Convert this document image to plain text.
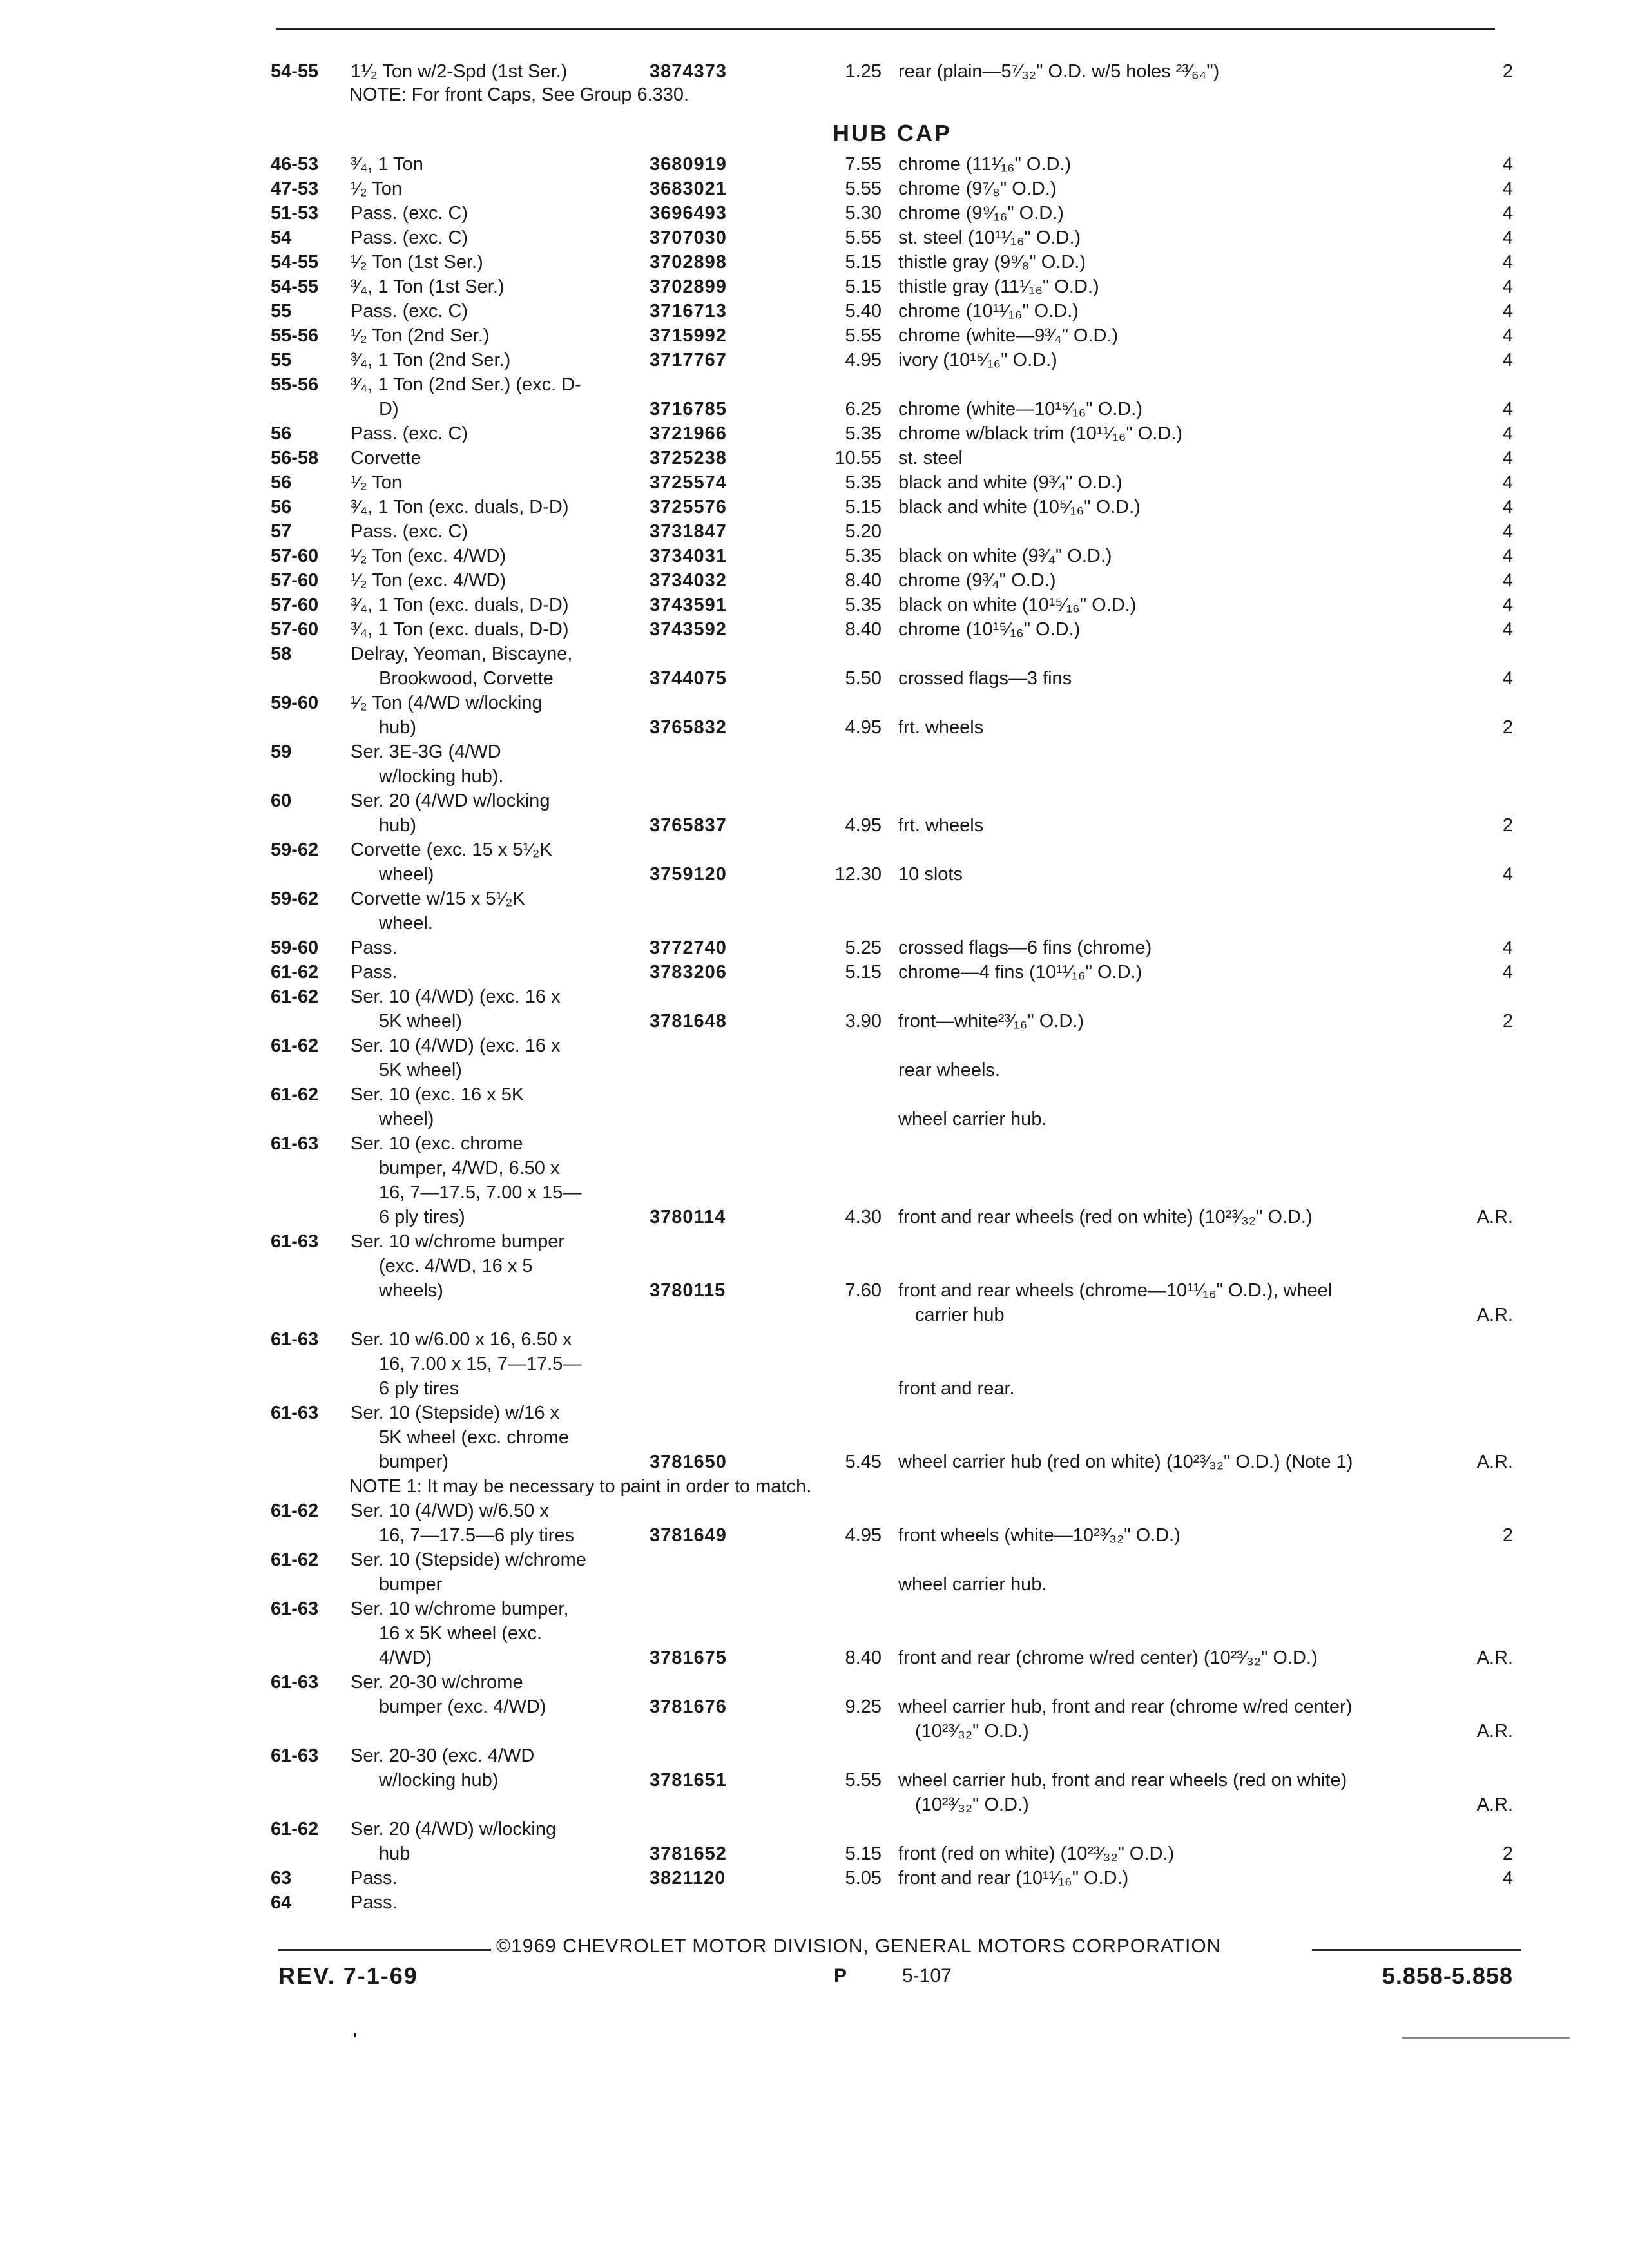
HUB CAP
54-55 1¹⁄₂ Ton w/2-Spd (1st Ser.)	3874373	1.25 rear (plain—5⁷⁄₃₂" O.D. w/5 holes ²³⁄₆₄")	2
NOTE: For front Caps, See Group 6.330.
46-53 ³⁄₄, 1 Ton	3680919	7.55 chrome (11¹⁄₁₆" O.D.)	4
47-53 ¹⁄₂ Ton	3683021	5.55 chrome (9⁷⁄₈" O.D.)	4
51-53 Pass. (exc. C)	3696493	5.30 chrome (9⁹⁄₁₆" O.D.)	4
54	Pass. (exc. C)	3707030	5.55 st. steel (10¹¹⁄₁₆" O.D.)	4
54-55 ¹⁄₂ Ton (1st Ser.)	3702898	5.15 thistle gray (9⁹⁄₈" O.D.)	4
54-55 ³⁄₄, 1 Ton (1st Ser.)	3702899	5.15 thistle gray (11¹⁄₁₆" O.D.)	4
55	Pass. (exc. C)	3716713	5.40 chrome (10¹¹⁄₁₆" O.D.)	4
55-56 ¹⁄₂ Ton (2nd Ser.)	3715992	5.55 chrome (white—9³⁄₄" O.D.)	4
55	³⁄₄, 1 Ton (2nd Ser.)	3717767	4.95 ivory (10¹⁵⁄₁₆" O.D.)	4
55-56 ³⁄₄, 1 Ton (2nd Ser.) (exc. D-
D)	3716785	6.25 chrome (white—10¹⁵⁄₁₆" O.D.)	4
56	Pass. (exc. C)	3721966	5.35 chrome w/black trim (10¹¹⁄₁₆" O.D.)	4
56-58 Corvette	3725238	10.55 st. steel	4
56	¹⁄₂ Ton	3725574	5.35 black and white (9³⁄₄" O.D.)	4
56	³⁄₄, 1 Ton (exc. duals, D-D)	3725576	5.15 black and white (10⁵⁄₁₆" O.D.)	4
57	Pass. (exc. C)	3731847	5.20	4
57-60 ¹⁄₂ Ton (exc. 4/WD)	3734031	5.35 black on white (9³⁄₄" O.D.)	4
57-60 ¹⁄₂ Ton (exc. 4/WD)	3734032	8.40 chrome (9³⁄₄" O.D.)	4
57-60 ³⁄₄, 1 Ton (exc. duals, D-D)	3743591	5.35 black on white (10¹⁵⁄₁₆" O.D.)	4
57-60 ³⁄₄, 1 Ton (exc. duals, D-D)	3743592	8.40 chrome (10¹⁵⁄₁₆" O.D.)	4
58	Delray, Yeoman, Biscayne,
Brookwood, Corvette	3744075	5.50 crossed flags—3 fins	4
59-60 ¹⁄₂ Ton (4/WD w/locking
hub)	3765832	4.95 frt. wheels	2
59	Ser. 3E-3G (4/WD
w/locking hub).
60	Ser. 20 (4/WD w/locking
hub)	3765837	4.95 frt. wheels	2
59-62 Corvette (exc. 15 x 5¹⁄₂K
wheel)	3759120	12.30 10 slots	4
59-62 Corvette w/15 x 5¹⁄₂K
wheel.
59-60 Pass.	3772740	5.25 crossed flags—6 fins (chrome)	4
61-62 Pass.	3783206	5.15 chrome—4 fins (10¹¹⁄₁₆" O.D.)	4
61-62 Ser. 10 (4/WD) (exc. 16 x
5K wheel)	3781648	3.90 front—white²³⁄₁₆" O.D.)	2
61-62 Ser. 10 (4/WD) (exc. 16 x
5K wheel)	rear wheels.
61-62 Ser. 10 (exc. 16 x 5K
wheel)	wheel carrier hub.
61-63 Ser. 10 (exc. chrome
bumper, 4/WD, 6.50 x
16, 7—17.5, 7.00 x 15—
6 ply tires)	3780114	4.30 front and rear wheels (red on white) (10²³⁄₃₂" O.D.)	A.R.
61-63 Ser. 10 w/chrome bumper
(exc. 4/WD, 16 x 5
wheels)	3780115	7.60 front and rear wheels (chrome—10¹¹⁄₁₆" O.D.), wheel
carrier hub	A.R.
61-63 Ser. 10 w/6.00 x 16, 6.50 x
16, 7.00 x 15, 7—17.5—
6 ply tires	front and rear.
61-63 Ser. 10 (Stepside) w/16 x
5K wheel (exc. chrome
bumper)	3781650	5.45 wheel carrier hub (red on white) (10²³⁄₃₂" O.D.) (Note 1)	A.R.
NOTE 1: It may be necessary to paint in order to match.
61-62 Ser. 10 (4/WD) w/6.50 x
16, 7—17.5—6 ply tires	3781649	4.95 front wheels (white—10²³⁄₃₂" O.D.)	2
61-62 Ser. 10 (Stepside) w/chrome
bumper	wheel carrier hub.
61-63 Ser. 10 w/chrome bumper,
16 x 5K wheel (exc.
4/WD)	3781675	8.40 front and rear (chrome w/red center) (10²³⁄₃₂" O.D.)	A.R.
61-63 Ser. 20-30 w/chrome
bumper (exc. 4/WD)	3781676	9.25 wheel carrier hub, front and rear (chrome w/red center)
(10²³⁄₃₂" O.D.)	A.R.
61-63 Ser. 20-30 (exc. 4/WD
w/locking hub)	3781651	5.55 wheel carrier hub, front and rear wheels (red on white)
(10²³⁄₃₂" O.D.)	A.R.
61-62 Ser. 20 (4/WD) w/locking
hub	3781652	5.15 front (red on white) (10²³⁄₃₂" O.D.)	2
63	Pass.	3821120	5.05 front and rear (10¹¹⁄₁₆" O.D.)	4
64	Pass.
©1969 CHEVROLET MOTOR DIVISION, GENERAL MOTORS CORPORATION
REV. 7-1-69	P	5-107	5.858-5.858
'
